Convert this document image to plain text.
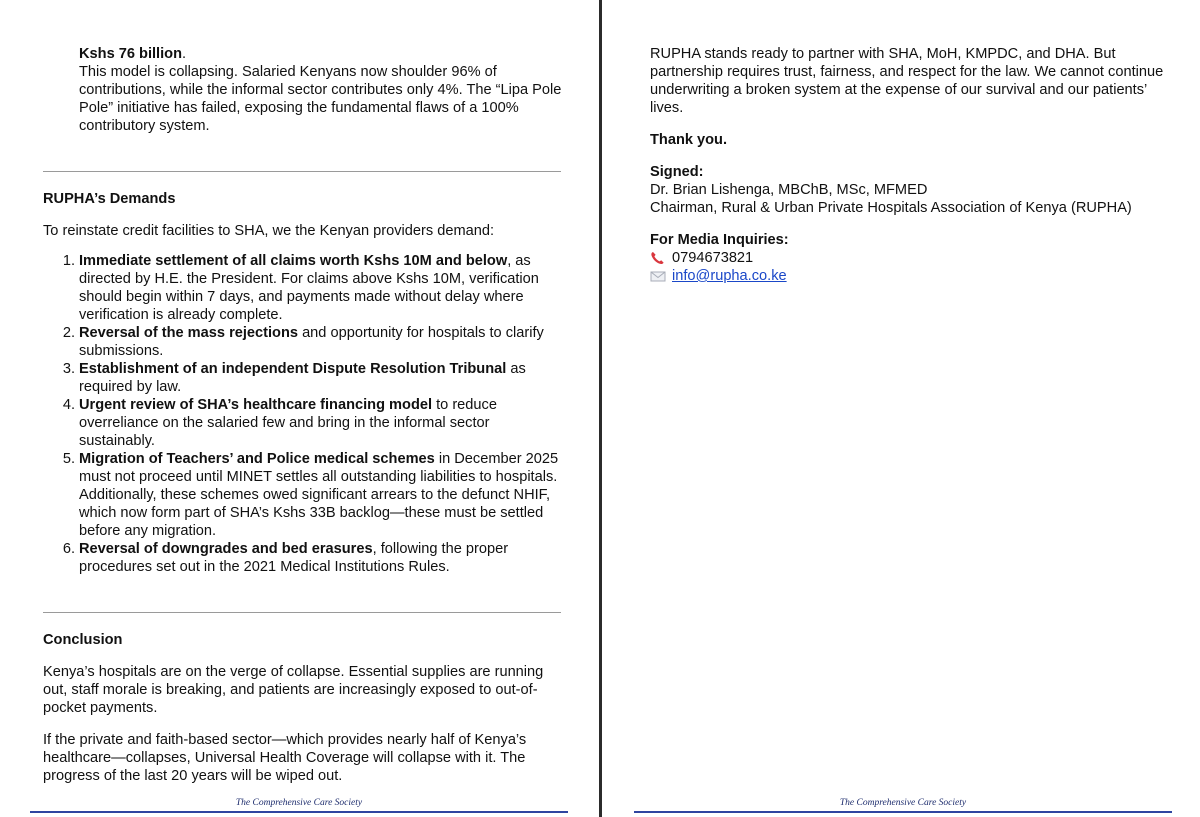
Kshs 76 billion.
This model is collapsing. Salaried Kenyans now shoulder 96% of contributions, while the informal sector contributes only 4%. The “Lipa Pole Pole” initiative has failed, exposing the fundamental flaws of a 100% contributory system.

RUPHA’s Demands

To reinstate credit facilities to SHA, we the Kenyan providers demand:

1. Immediate settlement of all claims worth Kshs 10M and below, as directed by H.E. the President. For claims above Kshs 10M, verification should begin within 7 days, and payments made without delay where verification is already complete.
2. Reversal of the mass rejections and opportunity for hospitals to clarify submissions.
3. Establishment of an independent Dispute Resolution Tribunal as required by law.
4. Urgent review of SHA’s healthcare financing model to reduce overreliance on the salaried few and bring in the informal sector sustainably.
5. Migration of Teachers’ and Police medical schemes in December 2025 must not proceed until MINET settles all outstanding liabilities to hospitals. Additionally, these schemes owed significant arrears to the defunct NHIF, which now form part of SHA’s Kshs 33B backlog—these must be settled before any migration.
6. Reversal of downgrades and bed erasures, following the proper procedures set out in the 2021 Medical Institutions Rules.

Conclusion

Kenya’s hospitals are on the verge of collapse. Essential supplies are running out, staff morale is breaking, and patients are increasingly exposed to out-of-pocket payments.

If the private and faith-based sector—which provides nearly half of Kenya’s healthcare—collapses, Universal Health Coverage will collapse with it. The progress of the last 20 years will be wiped out.

The Comprehensive Care Society

RUPHA stands ready to partner with SHA, MoH, KMPDC, and DHA. But partnership requires trust, fairness, and respect for the law. We cannot continue underwriting a broken system at the expense of our survival and our patients’ lives.

Thank you.

Signed:

Dr. Brian Lishenga, MBChB, MSc, MFMED

Chairman, Rural & Urban Private Hospitals Association of Kenya (RUPHA)

For Media Inquiries:

0794673821
info@rupha.co.ke
The Comprehensive Care Society
